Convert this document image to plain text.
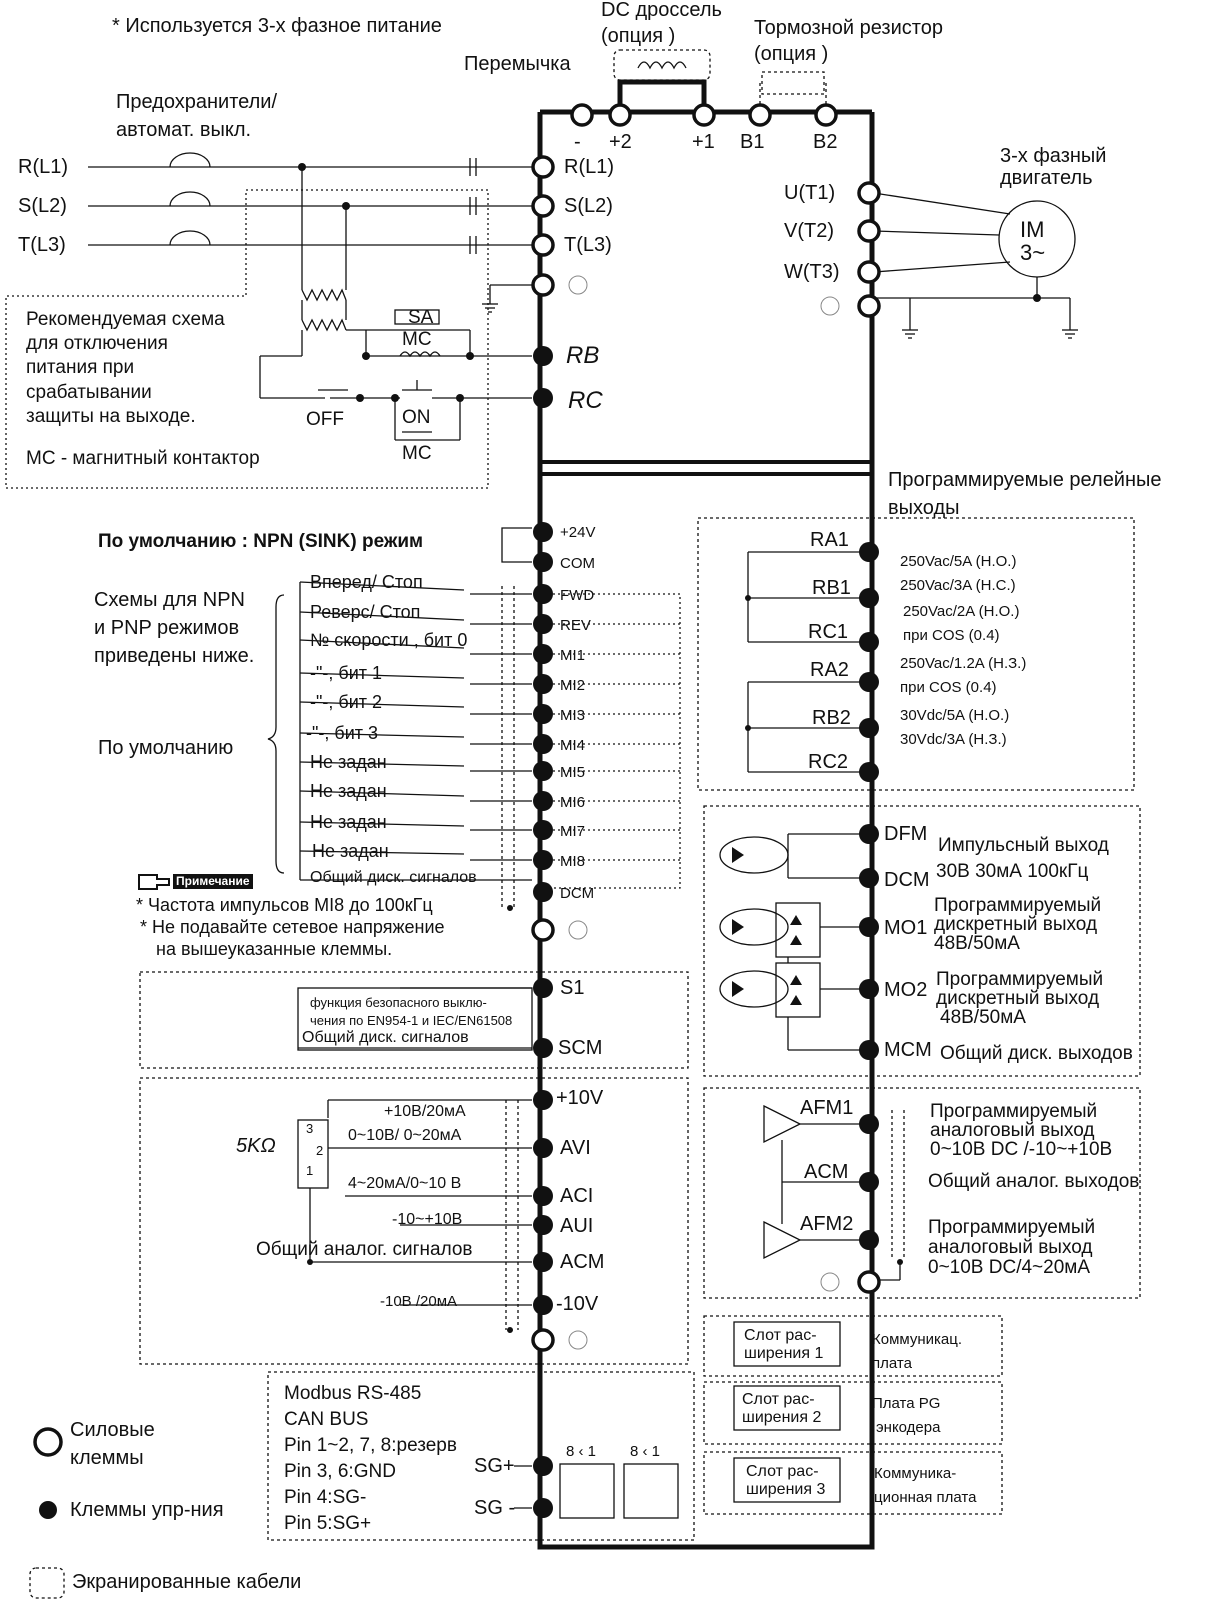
* Используется 3-х фазное питание
DC дроссель
(опция )	Тормозной резистор
(опция )
Перемычка
Предохранители/
автомат. выкл.
R(L1)
S(L2)
T(L3)
- +2	+1 B1 B2
R(L1)
S(L2)
T(L3)
U(T1)
V(T2)
W(T3)
3-х фазный
двигатель
IM
3~
Рекомендуемая схема
для отключения
питания при
срабатывании
защиты на выходе.
MC - магнитный контактор
SA
MC
OFF	ON
MC
RB
RC
Программируемые релейные
выходы
RA1
RB1
RC1
RA2
RB2
RC2
250Vac/5A (H.O.)
250Vac/3A (H.C.)
250Vac/2A (H.O.)
при COS (0.4)
250Vac/1.2A (H.З.)
при COS (0.4)
30Vdc/5A (H.O.)
30Vdc/3A (H.З.)
По умолчанию : NPN (SINK) режим
Схемы для NPN
и PNP режимов
приведены ниже.
По умолчанию
+24V
COM
FWD
REV
MI1
MI2
MI3
MI4
MI5
MI6
MI7
MI8
DCM
Вперед/ Стоп
Реверс/ Стоп
№ скорости , бит 0
-"-, бит 1
-"-, бит 2
-"-, бит 3
Не задан
Не задан
Не задан
Не задан
Общий диск. сигналов
Примечание
* Частота импульсов MI8 до 100кГц
* Не подавайте сетевое напряжение
на вышеуказанные клеммы.
S1
SCM
функция безопасного выклю-
чения по EN954-1 и IEC/EN61508
Общий диск. сигналов
+10V
AVI
ACI
AUI
ACM
-10V
+10В/20мА
0~10В/ 0~20мА
4~20мА/0~10 В
-10~+10В
Общий аналог. сигналов
-10В /20мА
5KΩ
3
2
1
DFM
DCM
MO1
MO2
MCM
Импульсный выход
30В 30мА 100кГц
Программируемый
дискретный выход
48В/50мА
Программируемый
дискретный выход
48В/50мА
Общий диск. выходов
AFM1
ACM
AFM2
Программируемый
аналоговый выход
0~10В DC /-10~+10В
Общий аналог. выходов
Программируемый
аналоговый выход
0~10В DC/4~20мА
Слот рас-
ширения 1
Коммуникац.
плата
Слот рас-
ширения 2
Плата PG
энкодера
Слот рас-
ширения 3
Коммуника-
ционная плата
Modbus RS-485
CAN BUS
Pin 1~2, 7, 8:резерв
Pin 3, 6:GND
Pin 4:SG-
Pin 5:SG+
SG+
SG -
8 ‹ 1 8 ‹ 1
Силовые
клеммы
Клеммы упр-ния
Экранированные кабели
